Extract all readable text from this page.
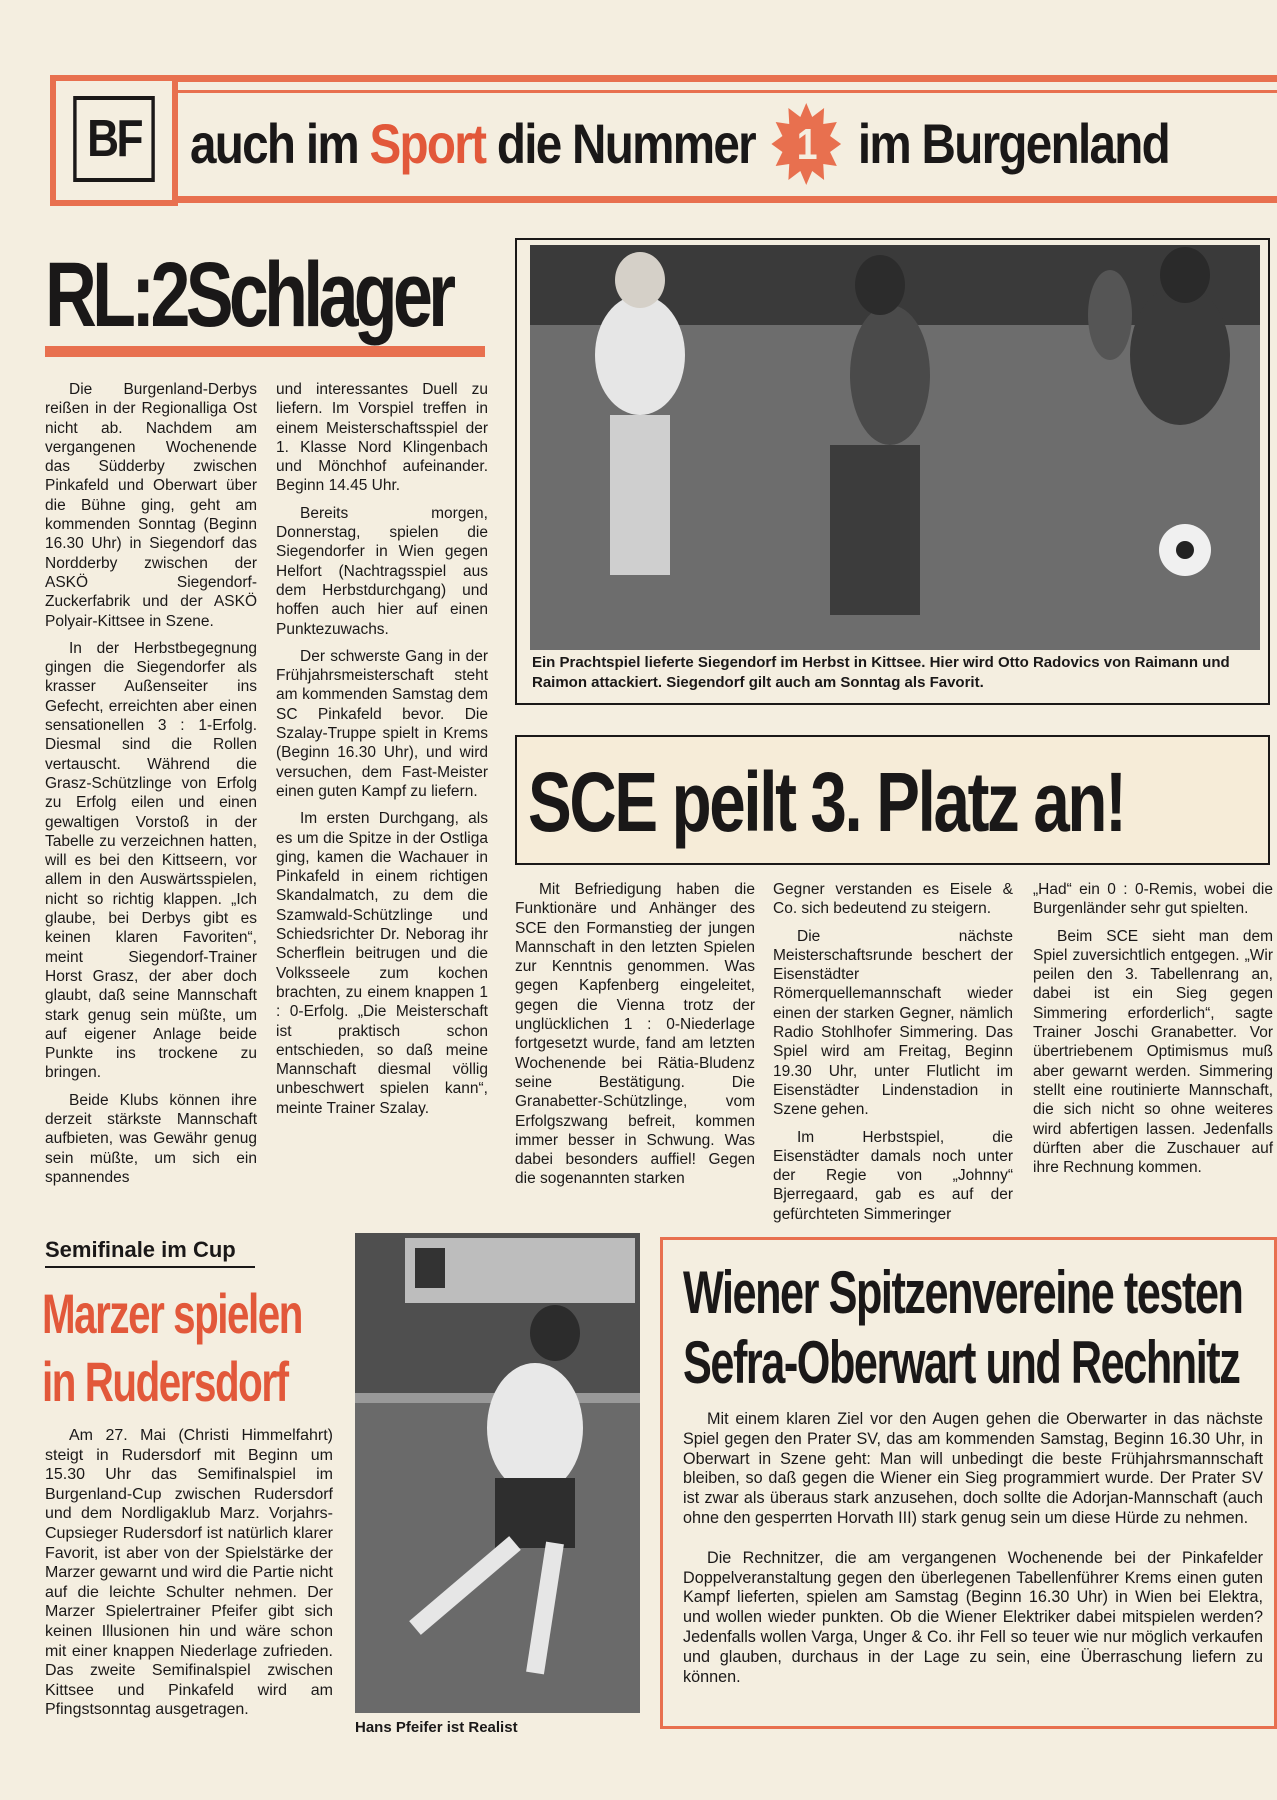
BF auch im Sport die Nummer 1 im Burgenland
RL:2Schlager

Die Burgenland-Derbys reißen in der Regionalliga Ost nicht ab. Nachdem am vergangenen Wochenende das Südderby zwischen Pinkafeld und Oberwart über die Bühne ging, geht am kommenden Sonntag (Beginn 16.30 Uhr) in Siegendorf das Nordderby zwischen der ASKÖ Siegendorf-Zuckerfabrik und der ASKÖ Polyair-Kittsee in Szene.

In der Herbstbegegnung gingen die Siegendorfer als krasser Außenseiter ins Gefecht, erreichten aber einen sensationellen 3 : 1-Erfolg. Diesmal sind die Rollen vertauscht. Während die Grasz-Schützlinge von Erfolg zu Erfolg eilen und einen gewaltigen Vorstoß in der Tabelle zu verzeichnen hatten, will es bei den Kittseern, vor allem in den Auswärtsspielen, nicht so richtig klappen. „Ich glaube, bei Derbys gibt es keinen klaren Favoriten“, meint Siegendorf-Trainer Horst Grasz, der aber doch glaubt, daß seine Mannschaft stark genug sein müßte, um auf eigener Anlage beide Punkte ins trockene zu bringen.

Beide Klubs können ihre derzeit stärkste Mannschaft aufbieten, was Gewähr genug sein müßte, um sich ein spannendes

und interessantes Duell zu liefern. Im Vorspiel treffen in einem Meisterschaftsspiel der 1. Klasse Nord Klingenbach und Mönchhof aufeinander. Beginn 14.45 Uhr.

Bereits morgen, Donnerstag, spielen die Siegendorfer in Wien gegen Helfort (Nachtragsspiel aus dem Herbstdurchgang) und hoffen auch hier auf einen Punktezuwachs.

Der schwerste Gang in der Frühjahrsmeisterschaft steht am kommenden Samstag dem SC Pinkafeld bevor. Die Szalay-Truppe spielt in Krems (Beginn 16.30 Uhr), und wird versuchen, dem Fast-Meister einen guten Kampf zu liefern.

Im ersten Durchgang, als es um die Spitze in der Ostliga ging, kamen die Wachauer in Pinkafeld in einem richtigen Skandalmatch, zu dem die Szamwald-Schützlinge und Schiedsrichter Dr. Neborag ihr Scherflein beitrugen und die Volksseele zum kochen brachten, zu einem knappen 1 : 0-Erfolg. „Die Meisterschaft ist praktisch schon entschieden, so daß meine Mannschaft diesmal völlig unbeschwert spielen kann“, meinte Trainer Szalay.

Ein Prachtspiel lieferte Siegendorf im Herbst in Kittsee. Hier wird Otto Radovics von Raimann und Raimon attackiert. Siegendorf gilt auch am Sonntag als Favorit.
SCE peilt 3. Platz an!

Mit Befriedigung haben die Funktionäre und Anhänger des SCE den Formanstieg der jungen Mannschaft in den letzten Spielen zur Kenntnis genommen. Was gegen Kapfenberg eingeleitet, gegen die Vienna trotz der unglücklichen 1 : 0-Niederlage fortgesetzt wurde, fand am letzten Wochenende bei Rätia-Bludenz seine Bestätigung. Die Granabetter-Schützlinge, vom Erfolgszwang befreit, kommen immer besser in Schwung. Was dabei besonders auffiel! Gegen die sogenannten starken

Gegner verstanden es Eisele & Co. sich bedeutend zu steigern.

Die nächste Meisterschaftsrunde beschert der Eisenstädter Römerquellemannschaft wieder einen der starken Gegner, nämlich Radio Stohlhofer Simmering. Das Spiel wird am Freitag, Beginn 19.30 Uhr, unter Flutlicht im Eisenstädter Lindenstadion in Szene gehen.

Im Herbstspiel, die Eisenstädter damals noch unter der Regie von „Johnny“ Bjerregaard, gab es auf der gefürchteten Simmeringer

„Had“ ein 0 : 0-Remis, wobei die Burgenländer sehr gut spielten.

Beim SCE sieht man dem Spiel zuversichtlich entgegen. „Wir peilen den 3. Tabellenrang an, dabei ist ein Sieg gegen Simmering erforderlich“, sagte Trainer Joschi Granabetter. Vor übertriebenem Optimismus muß aber gewarnt werden. Simmering stellt eine routinierte Mannschaft, die sich nicht so ohne weiteres wird abfertigen lassen. Jedenfalls dürften aber die Zuschauer auf ihre Rechnung kommen.

Semifinale im Cup
Marzer spielen
in Rudersdorf

Am 27. Mai (Christi Himmelfahrt) steigt in Rudersdorf mit Beginn um 15.30 Uhr das Semifinalspiel im Burgenland-Cup zwischen Rudersdorf und dem Nordligaklub Marz. Vorjahrs-Cupsieger Rudersdorf ist natürlich klarer Favorit, ist aber von der Spielstärke der Marzer gewarnt und wird die Partie nicht auf die leichte Schulter nehmen. Der Marzer Spielertrainer Pfeifer gibt sich keinen Illusionen hin und wäre schon mit einer knappen Niederlage zufrieden. Das zweite Semifinalspiel zwischen Kittsee und Pinkafeld wird am Pfingstsonntag ausgetragen.

Hans Pfeifer ist Realist
Wiener Spitzenvereine testen
Sefra-Oberwart und Rechnitz

Mit einem klaren Ziel vor den Augen gehen die Oberwarter in das nächste Spiel gegen den Prater SV, das am kommenden Samstag, Beginn 16.30 Uhr, in Oberwart in Szene geht: Man will unbedingt die beste Frühjahrsmannschaft bleiben, so daß gegen die Wiener ein Sieg programmiert wurde. Der Prater SV ist zwar als überaus stark anzusehen, doch sollte die Adorjan-Mannschaft (auch ohne den gesperrten Horvath III) stark genug sein um diese Hürde zu nehmen.

Die Rechnitzer, die am vergangenen Wochenende bei der Pinkafelder Doppelveranstaltung gegen den überlegenen Tabellenführer Krems einen guten Kampf lieferten, spielen am Samstag (Beginn 16.30 Uhr) in Wien bei Elektra, und wollen wieder punkten. Ob die Wiener Elektriker dabei mitspielen werden? Jedenfalls wollen Varga, Unger & Co. ihr Fell so teuer wie nur möglich verkaufen und glauben, durchaus in der Lage zu sein, eine Überraschung liefern zu können.
